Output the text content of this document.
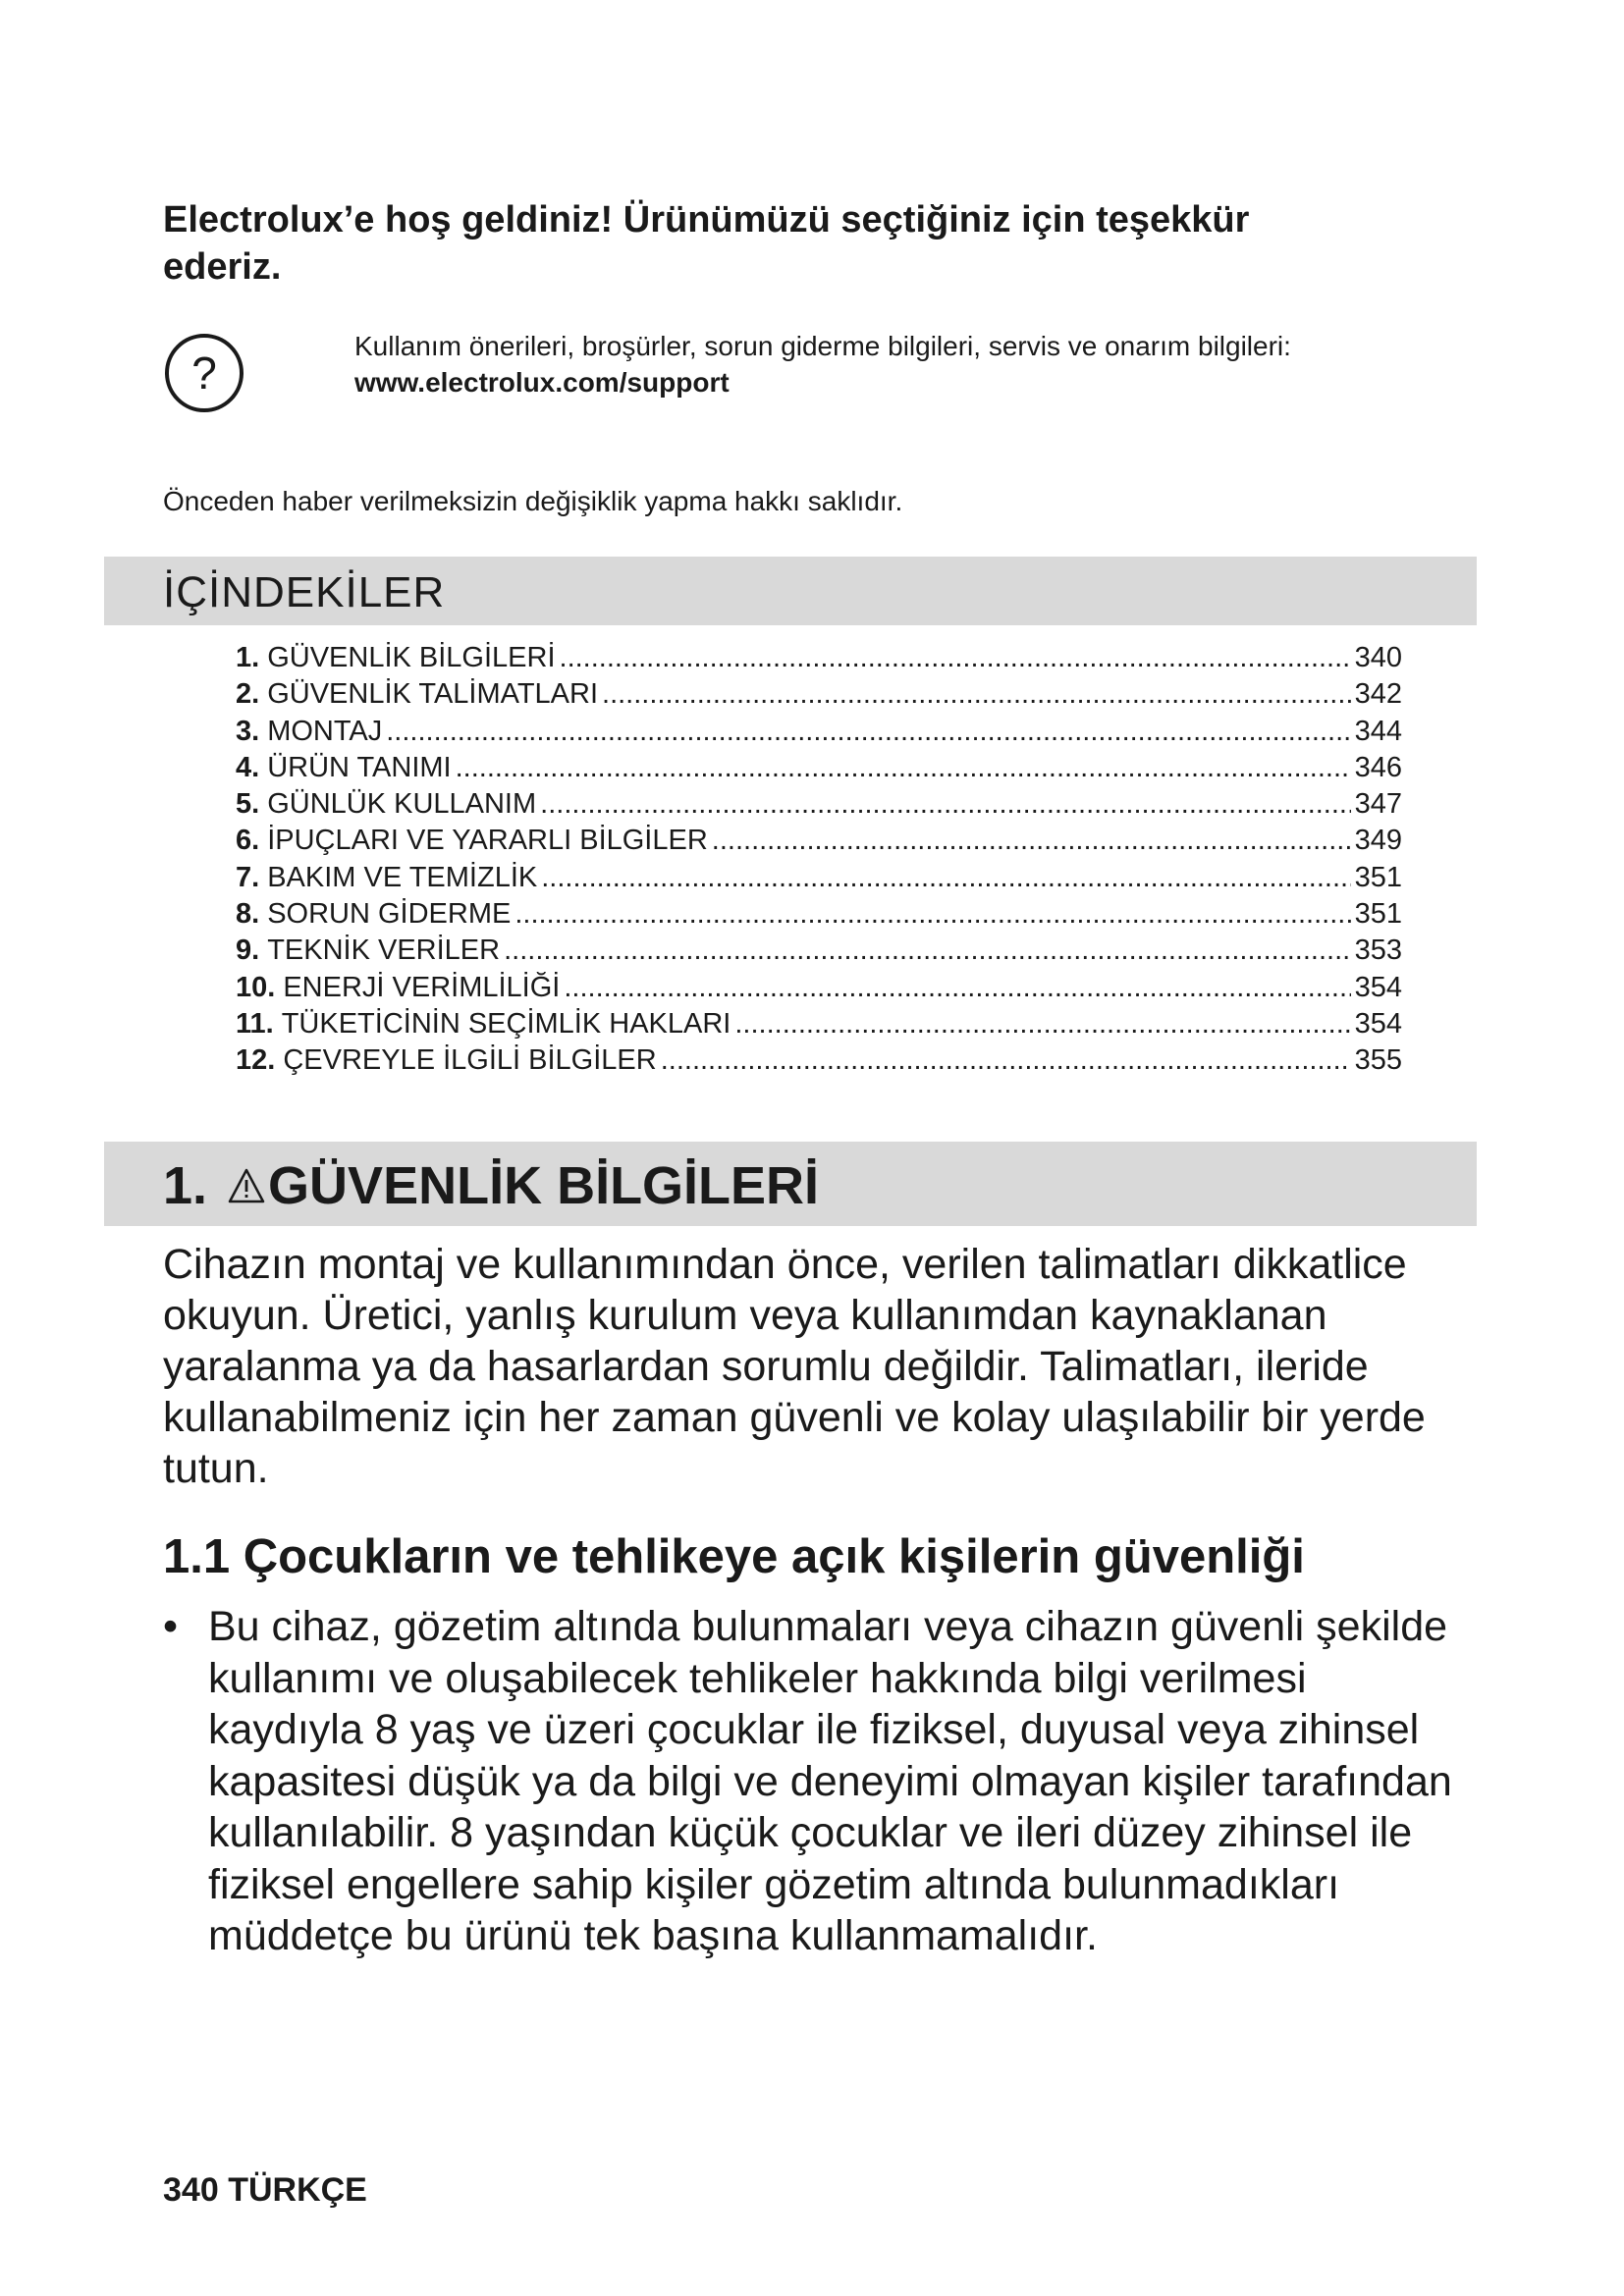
Electrolux’e hoş geldiniz! Ürünümüzü seçtiğiniz için teşekkür ederiz.
?
Kullanım önerileri, broşürler, sorun giderme bilgileri, servis ve onarım bilgileri:
www.electrolux.com/support
Önceden haber verilmeksizin değişiklik yapma hakkı saklıdır.
İÇİNDEKİLER
1. GÜVENLİK BİLGİLERİ .....	340
2. GÜVENLİK TALİMATLARI .....	342
3. MONTAJ .....	344
4. ÜRÜN TANIMI .....	346
5. GÜNLÜK KULLANIM .....	347
6. İPUÇLARI VE YARARLI BİLGİLER .....	349
7. BAKIM VE TEMİZLİK .....	351
8. SORUN GİDERME .....	351
9. TEKNİK VERİLER .....	353
10. ENERJİ VERİMLİLİĞİ .....	354
11. TÜKETİCİNİN SEÇİMLİK HAKLARI .....	354
12. ÇEVREYLE İLGİLİ BİLGİLER .....	355
1. GÜVENLİK BİLGİLERİ

Cihazın montaj ve kullanımından önce, verilen talimatları dikkatlice okuyun. Üretici, yanlış kurulum veya kullanımdan kaynaklanan yaralanma ya da hasarlardan sorumlu değildir. Talimatları, ileride kullanabilmeniz için her zaman güvenli ve kolay ulaşılabilir bir yerde tutun.

1.1 Çocukların ve tehlikeye açık kişilerin güvenliği
• Bu cihaz, gözetim altında bulunmaları veya cihazın güvenli şekilde kullanımı ve oluşabilecek tehlikeler hakkında bilgi verilmesi kaydıyla 8 yaş ve üzeri çocuklar ile fiziksel, duyusal veya zihinsel kapasitesi düşük ya da bilgi ve deneyimi olmayan kişiler tarafından kullanılabilir. 8 yaşından küçük çocuklar ve ileri düzey zihinsel ile fiziksel engellere sahip kişiler gözetim altında bulunmadıkları müddetçe bu ürünü tek başına kullanmamalıdır.
340 TÜRKÇE
